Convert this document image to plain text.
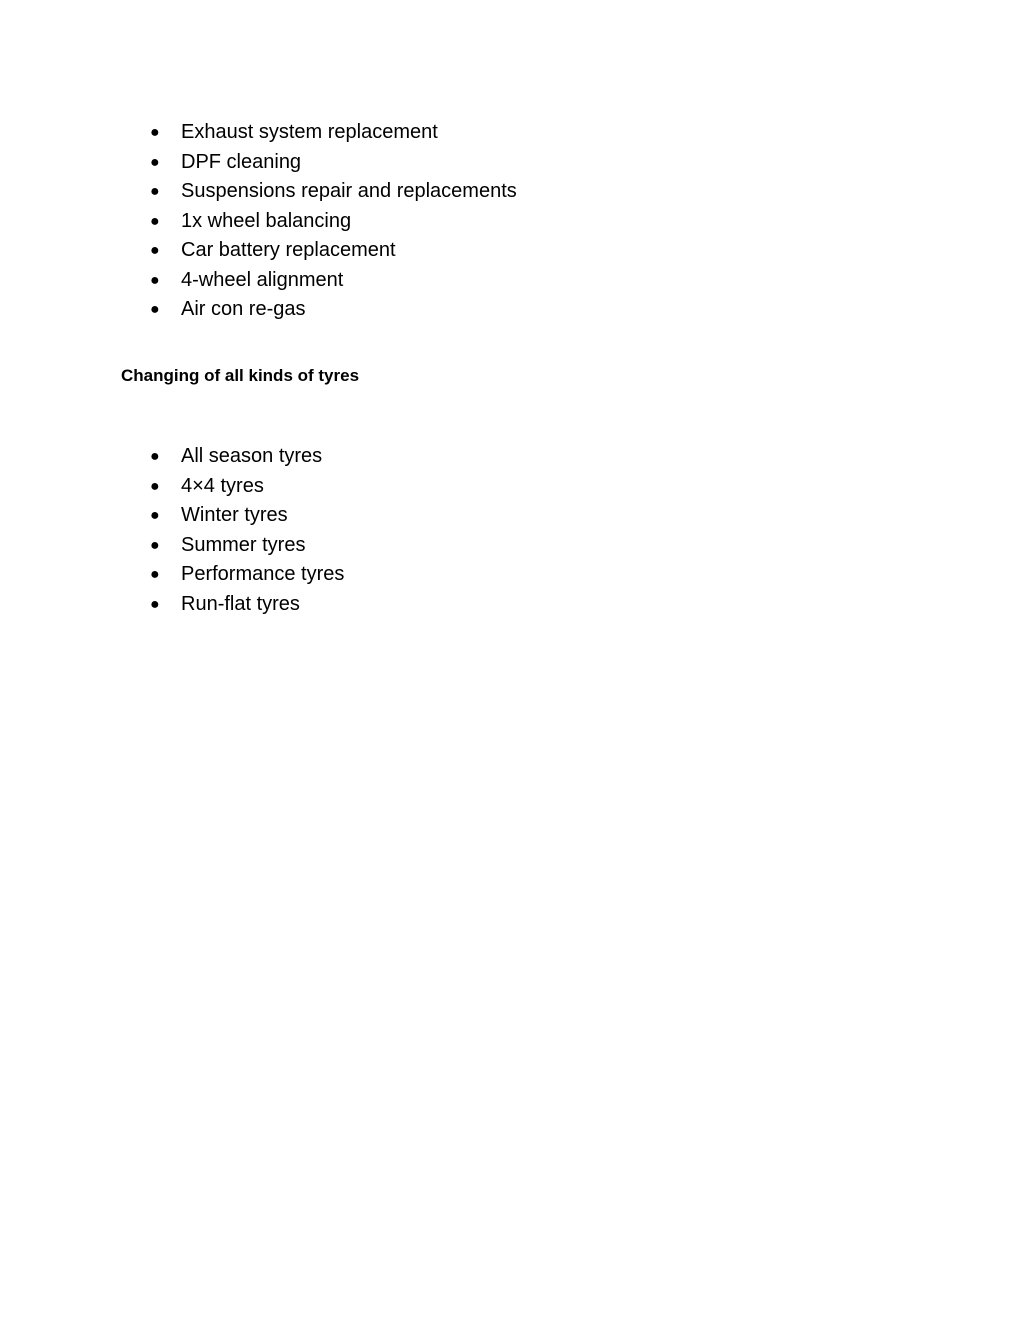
● Exhaust system replacement
● DPF cleaning
● Suspensions repair and replacements
● 1x wheel balancing
● Car battery replacement
● 4-wheel alignment
● Air con re-gas
Changing of all kinds of tyres
● All season tyres
● 4×4 tyres
● Winter tyres
● Summer tyres
● Performance tyres
● Run-flat tyres
